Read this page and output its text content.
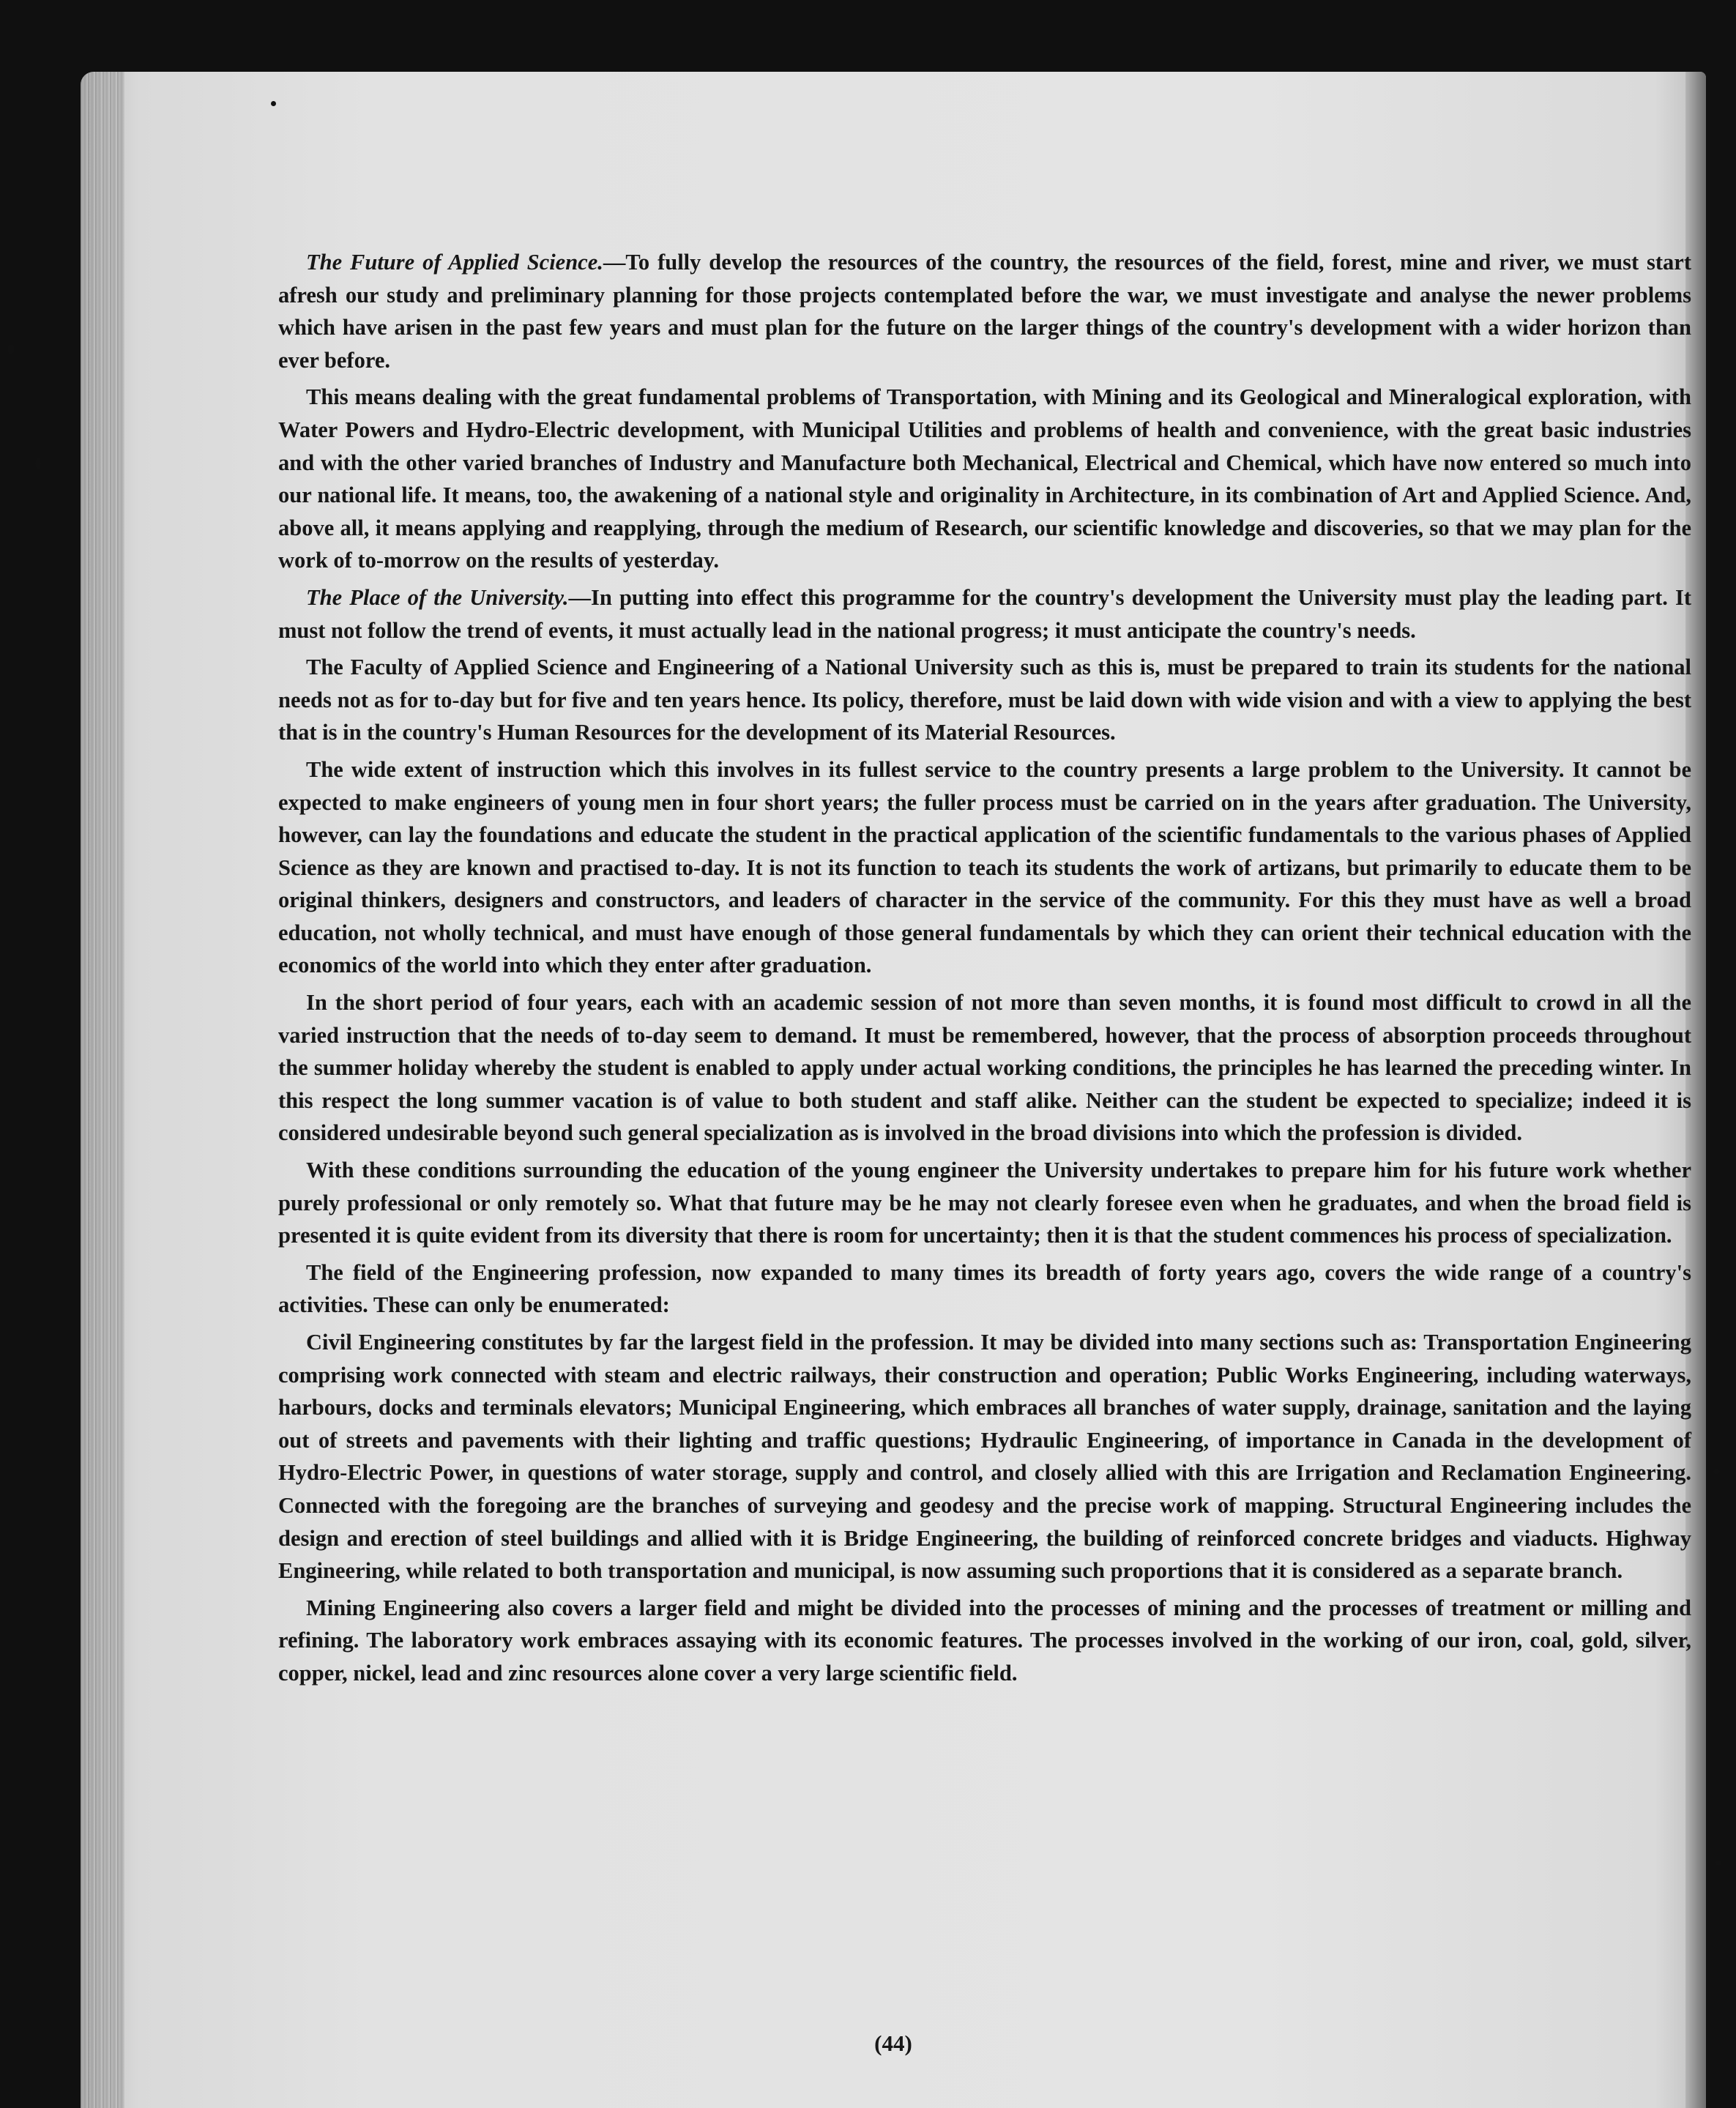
The Future of Applied Science.—To fully develop the resources of the country, the resources of the field, forest, mine and river, we must start afresh our study and preliminary planning for those projects contemplated before the war, we must investigate and analyse the newer problems which have arisen in the past few years and must plan for the future on the larger things of the country's development with a wider horizon than ever before.

This means dealing with the great fundamental problems of Transportation, with Mining and its Geological and Mineralogical exploration, with Water Powers and Hydro-Electric development, with Municipal Utilities and problems of health and convenience, with the great basic industries and with the other varied branches of Industry and Manufacture both Mechanical, Electrical and Chemical, which have now entered so much into our national life. It means, too, the awakening of a national style and originality in Architecture, in its combination of Art and Applied Science. And, above all, it means applying and reapplying, through the medium of Research, our scientific knowledge and discoveries, so that we may plan for the work of to-morrow on the results of yesterday.

The Place of the University.—In putting into effect this programme for the country's development the University must play the leading part. It must not follow the trend of events, it must actually lead in the national progress; it must anticipate the country's needs.

The Faculty of Applied Science and Engineering of a National University such as this is, must be prepared to train its students for the national needs not as for to-day but for five and ten years hence. Its policy, therefore, must be laid down with wide vision and with a view to applying the best that is in the country's Human Resources for the development of its Material Resources.

The wide extent of instruction which this involves in its fullest service to the country presents a large problem to the University. It cannot be expected to make engineers of young men in four short years; the fuller process must be carried on in the years after graduation. The University, however, can lay the foundations and educate the student in the practical application of the scientific fundamentals to the various phases of Applied Science as they are known and practised to-day. It is not its function to teach its students the work of artizans, but primarily to educate them to be original thinkers, designers and constructors, and leaders of character in the service of the community. For this they must have as well a broad education, not wholly technical, and must have enough of those general fundamentals by which they can orient their technical education with the economics of the world into which they enter after graduation.

In the short period of four years, each with an academic session of not more than seven months, it is found most difficult to crowd in all the varied instruction that the needs of to-day seem to demand. It must be remembered, however, that the process of absorption proceeds throughout the summer holiday whereby the student is enabled to apply under actual working conditions, the principles he has learned the preceding winter. In this respect the long summer vacation is of value to both student and staff alike. Neither can the student be expected to specialize; indeed it is considered undesirable beyond such general specialization as is involved in the broad divisions into which the profession is divided.

With these conditions surrounding the education of the young engineer the University undertakes to prepare him for his future work whether purely professional or only remotely so. What that future may be he may not clearly foresee even when he graduates, and when the broad field is presented it is quite evident from its diversity that there is room for uncertainty; then it is that the student commences his process of specialization.

The field of the Engineering profession, now expanded to many times its breadth of forty years ago, covers the wide range of a country's activities. These can only be enumerated:

Civil Engineering constitutes by far the largest field in the profession. It may be divided into many sections such as: Transportation Engineering comprising work connected with steam and electric railways, their construction and operation; Public Works Engineering, including waterways, harbours, docks and terminals elevators; Municipal Engineering, which embraces all branches of water supply, drainage, sanitation and the laying out of streets and pavements with their lighting and traffic questions; Hydraulic Engineering, of importance in Canada in the development of Hydro-Electric Power, in questions of water storage, supply and control, and closely allied with this are Irrigation and Reclamation Engineering. Connected with the foregoing are the branches of surveying and geodesy and the precise work of mapping. Structural Engineering includes the design and erection of steel buildings and allied with it is Bridge Engineering, the building of reinforced concrete bridges and viaducts. Highway Engineering, while related to both transportation and municipal, is now assuming such proportions that it is considered as a separate branch.

Mining Engineering also covers a larger field and might be divided into the processes of mining and the processes of treatment or milling and refining. The laboratory work embraces assaying with its economic features. The processes involved in the working of our iron, coal, gold, silver, copper, nickel, lead and zinc resources alone cover a very large scientific field.

(44)
